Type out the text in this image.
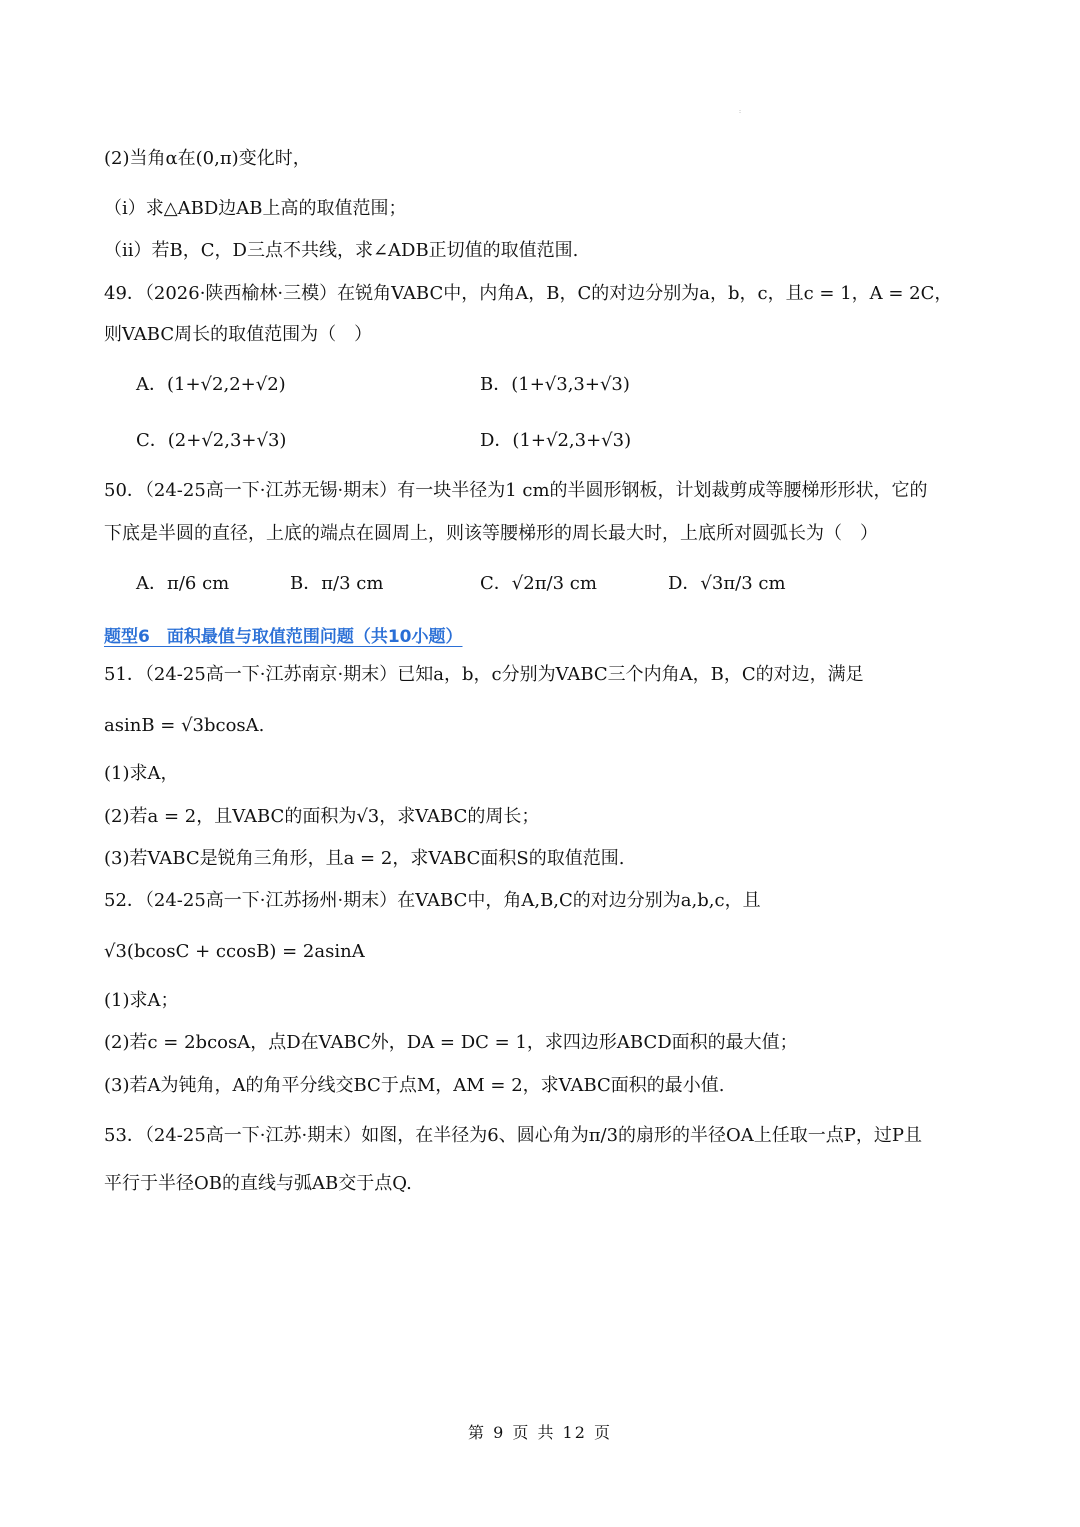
:
(2)当角α在(0,π)变化时，
（i）求△ABD边AB上高的取值范围；
（ii）若B，C，D三点不共线，求∠ADB正切值的取值范围.
49．（2026·陕西榆林·三模）在锐角VABC中，内角A，B，C的对边分别为a，b，c，且c = 1，A = 2C，
则VABC周长的取值范围为（　）
50．（24-25高一下·江苏无锡·期末）有一块半径为1 cm的半圆形钢板，计划裁剪成等腰梯形形状，它的
下底是半圆的直径，上底的端点在圆周上，则该等腰梯形的周长最大时，上底所对圆弧长为（　）
51．（24-25高一下·江苏南京·期末）已知a，b，c分别为VABC三个内角A，B，C的对边，满足
asinB = √3bcosA.
(1)求A，
(2)若a = 2，且VABC的面积为√3，求VABC的周长；
(3)若VABC是锐角三角形，且a = 2，求VABC面积S的取值范围.
52．（24-25高一下·江苏扬州·期末）在VABC中，角A,B,C的对边分别为a,b,c，且
√3(bcosC + ccosB) = 2asinA
(1)求A；
(2)若c = 2bcosA，点D在VABC外，DA = DC = 1，求四边形ABCD面积的最大值；
(3)若A为钝角，A的角平分线交BC于点M，AM = 2，求VABC面积的最小值.
53．（24-25高一下·江苏·期末）如图，在半径为6、圆心角为π/3的扇形的半径OA上任取一点P，过P且
平行于半径OB的直线与弧AB交于点Q.
A．(1+√2,2+√2)	B．(1+√3,3+√3)
C．(2+√2,3+√3)	D．(1+√2,3+√3)
A．π/6 cm	B．π/3 cm	C．√2π/3 cm	D．√3π/3 cm
题型6　面积最值与取值范围问题（共10小题）
第 9 页 共 12 页
